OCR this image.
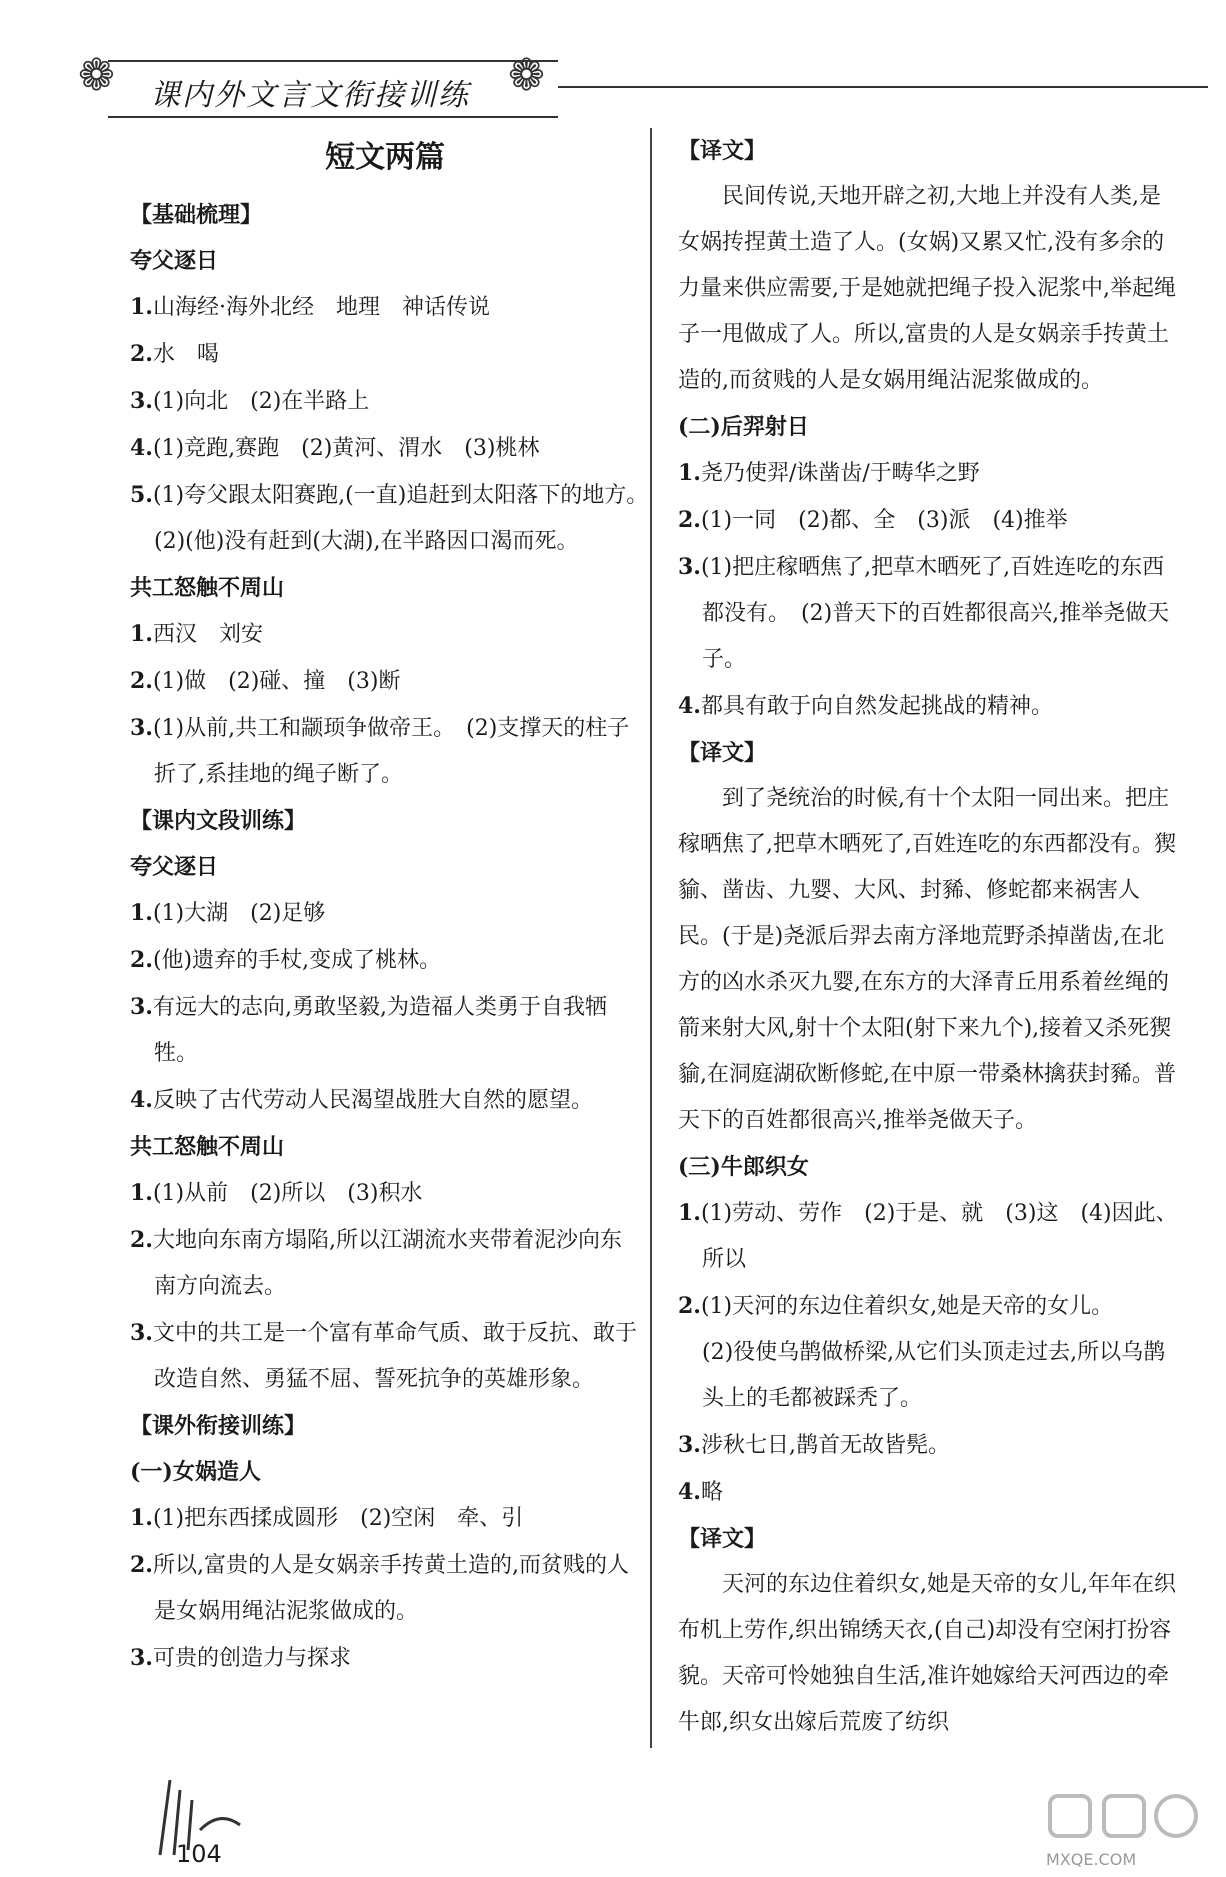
❁	❁
课内外文言文衔接训练
短文两篇
【基础梳理】
夸父逐日
1.山海经·海外北经　地理　神话传说
2.水　喝
3.(1)向北　(2)在半路上
4.(1)竞跑,赛跑　(2)黄河、渭水　(3)桃林
5.(1)夸父跟太阳赛跑,(一直)追赶到太阳落下的地方。　(2)(他)没有赶到(大湖),在半路因口渴而死。
共工怒触不周山
1.西汉　刘安
2.(1)做　(2)碰、撞　(3)断
3.(1)从前,共工和颛顼争做帝王。　(2)支撑天的柱子折了,系挂地的绳子断了。
【课内文段训练】
夸父逐日
1.(1)大湖　(2)足够
2.(他)遗弃的手杖,变成了桃林。
3.有远大的志向,勇敢坚毅,为造福人类勇于自我牺牲。
4.反映了古代劳动人民渴望战胜大自然的愿望。
共工怒触不周山
1.(1)从前　(2)所以　(3)积水
2.大地向东南方塌陷,所以江湖流水夹带着泥沙向东南方向流去。
3.文中的共工是一个富有革命气质、敢于反抗、敢于改造自然、勇猛不屈、誓死抗争的英雄形象。
【课外衔接训练】
(一)女娲造人
1.(1)把东西揉成圆形　(2)空闲　牵、引
2.所以,富贵的人是女娲亲手抟黄土造的,而贫贱的人是女娲用绳沾泥浆做成的。
3.可贵的创造力与探求
【译文】
民间传说,天地开辟之初,大地上并没有人类,是女娲抟捏黄土造了人。(女娲)又累又忙,没有多余的力量来供应需要,于是她就把绳子投入泥浆中,举起绳子一甩做成了人。所以,富贵的人是女娲亲手抟黄土造的,而贫贱的人是女娲用绳沾泥浆做成的。
(二)后羿射日
1.尧乃使羿/诛凿齿/于畴华之野
2.(1)一同　(2)都、全　(3)派　(4)推举
3.(1)把庄稼晒焦了,把草木晒死了,百姓连吃的东西都没有。　(2)普天下的百姓都很高兴,推举尧做天子。
4.都具有敢于向自然发起挑战的精神。
【译文】
到了尧统治的时候,有十个太阳一同出来。把庄稼晒焦了,把草木晒死了,百姓连吃的东西都没有。猰貐、凿齿、九婴、大风、封豨、修蛇都来祸害人民。(于是)尧派后羿去南方泽地荒野杀掉凿齿,在北方的凶水杀灭九婴,在东方的大泽青丘用系着丝绳的箭来射大风,射十个太阳(射下来九个),接着又杀死猰貐,在洞庭湖砍断修蛇,在中原一带桑林擒获封豨。普天下的百姓都很高兴,推举尧做天子。
(三)牛郎织女
1.(1)劳动、劳作　(2)于是、就　(3)这　(4)因此、所以
2.(1)天河的东边住着织女,她是天帝的女儿。
(2)役使乌鹊做桥梁,从它们头顶走过去,所以乌鹊头上的毛都被踩秃了。
3.涉秋七日,鹊首无故皆髡。
4.略
【译文】
天河的东边住着织女,她是天帝的女儿,年年在织布机上劳作,织出锦绣天衣,(自己)却没有空闲打扮容貌。天帝可怜她独自生活,准许她嫁给天河西边的牵牛郎,织女出嫁后荒废了纺织
104	MXQE.COM
